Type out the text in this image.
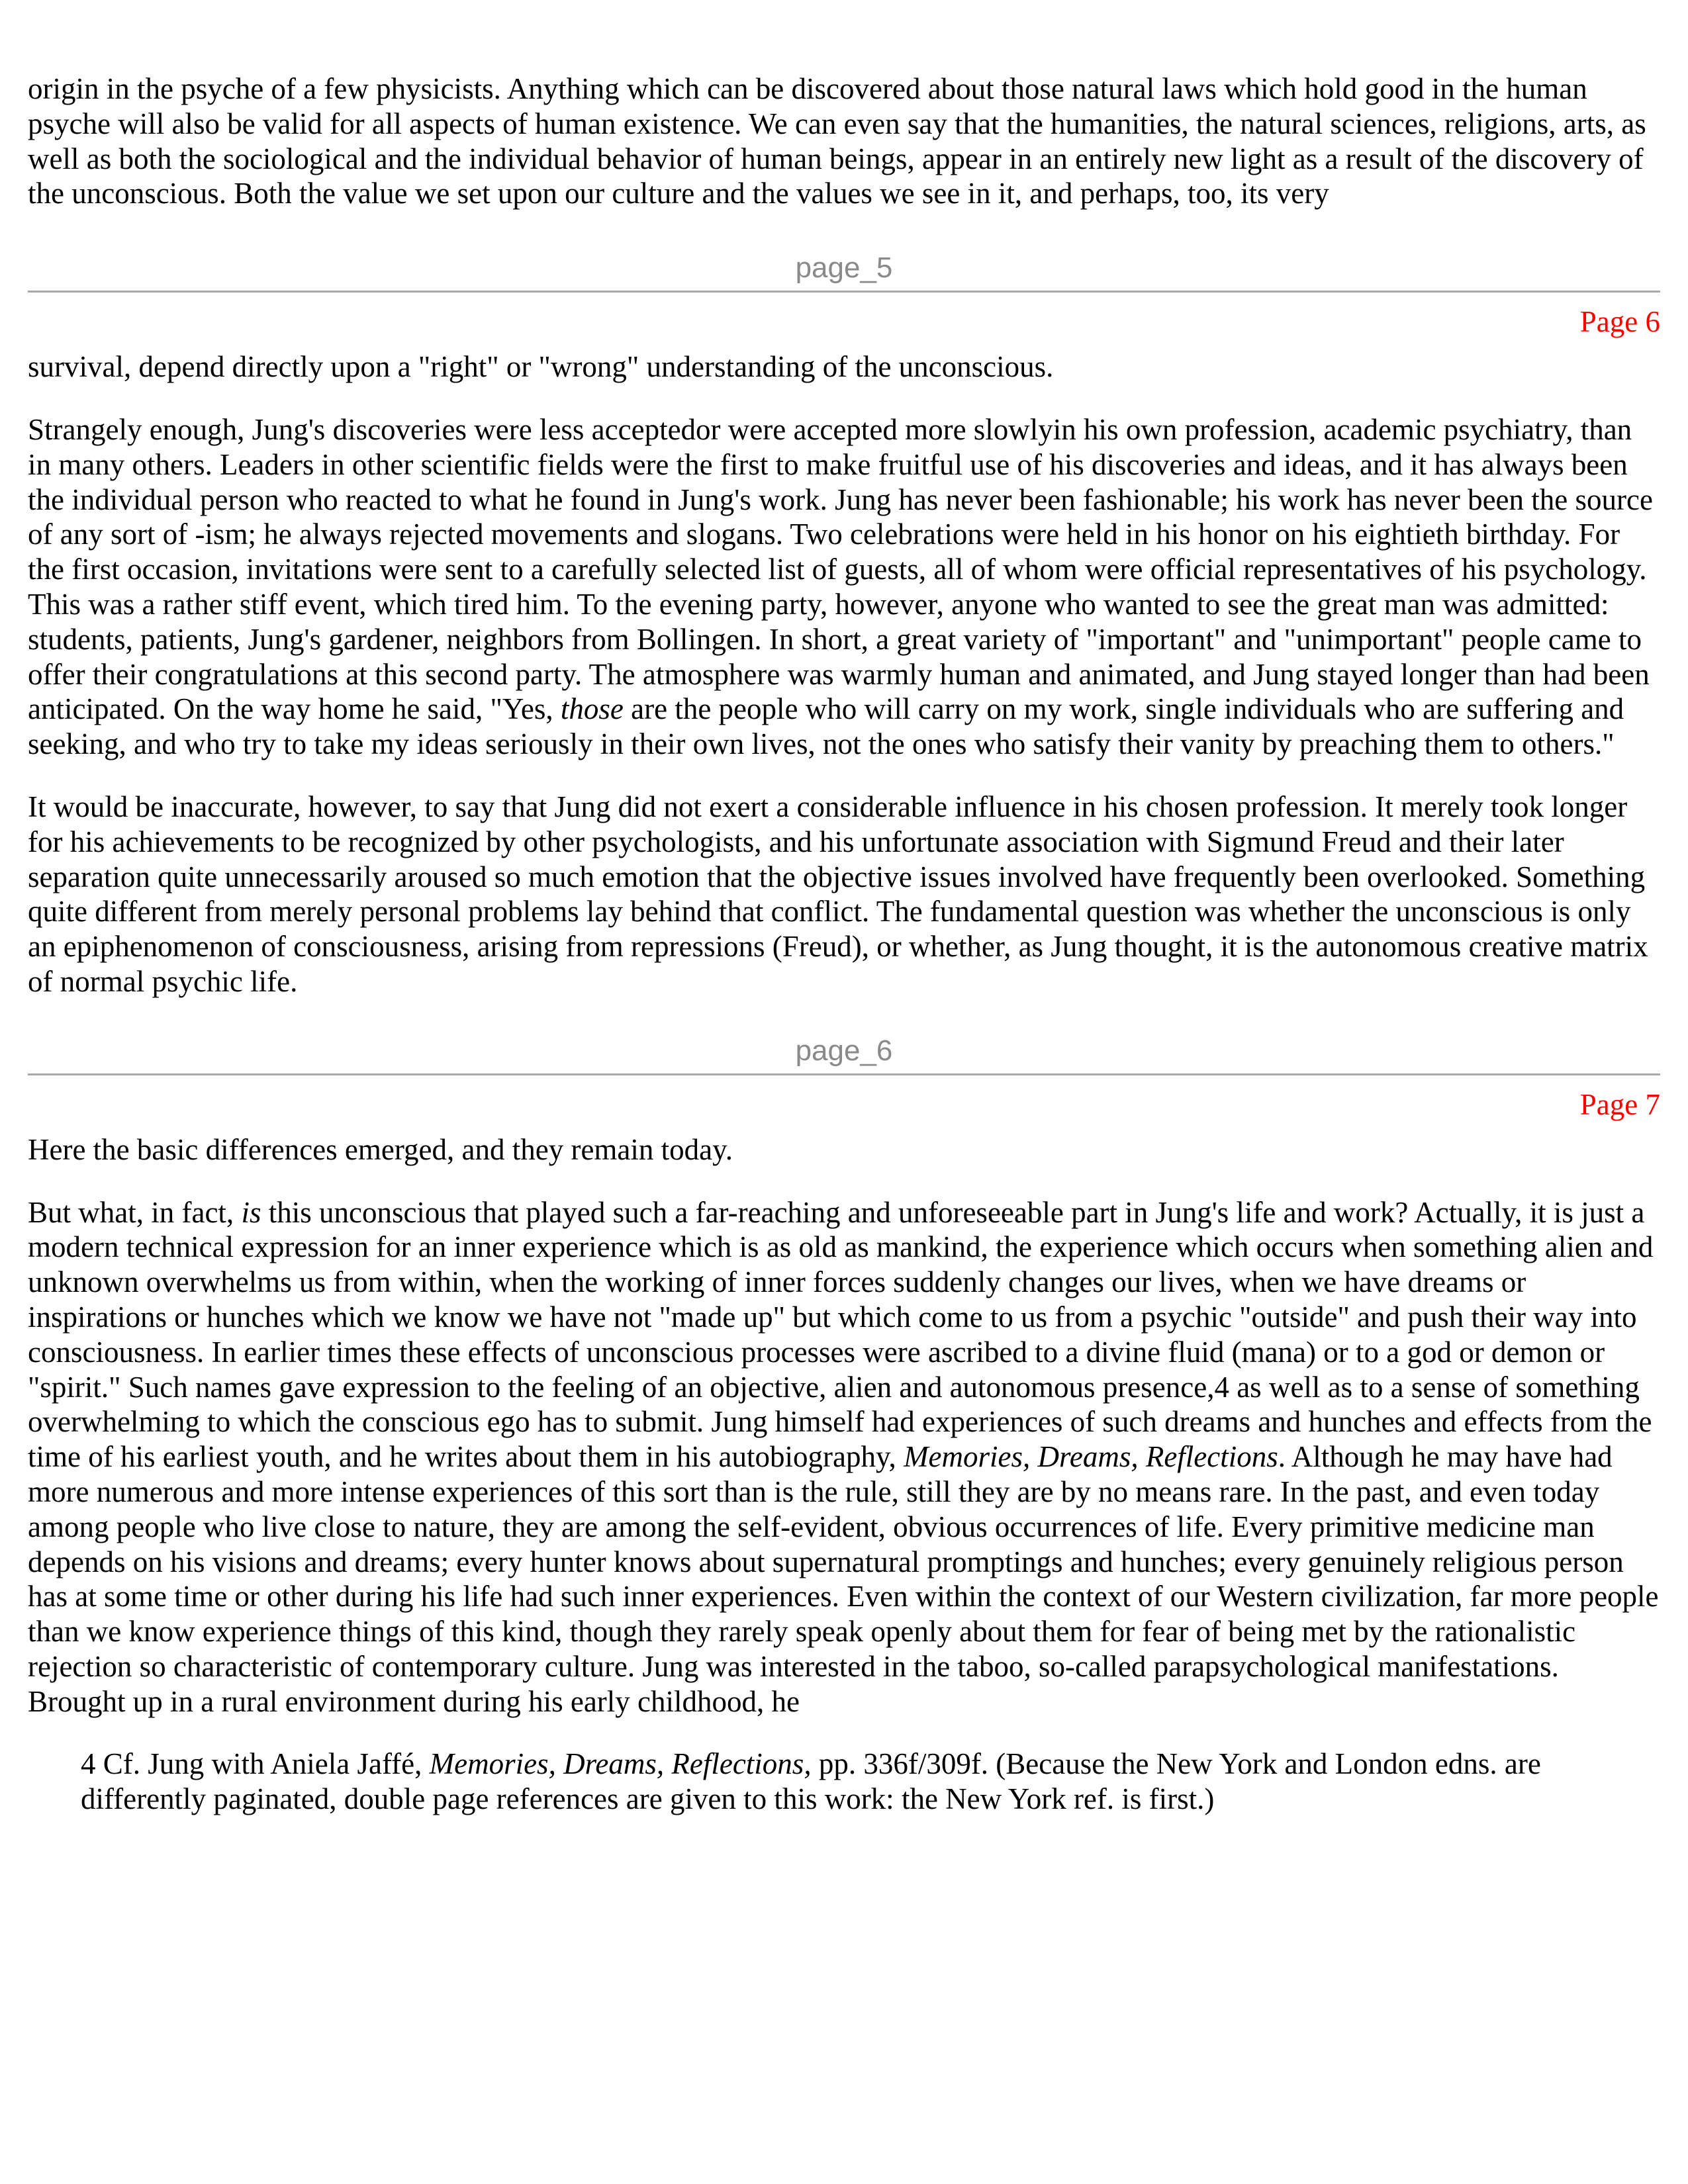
origin in the psyche of a few physicists. Anything which can be discovered about those natural laws which hold good in the human psyche will also be valid for all aspects of human existence. We can even say that the humanities, the natural sciences, religions, arts, as well as both the sociological and the individual behavior of human beings, appear in an entirely new light as a result of the discovery of the unconscious. Both the value we set upon our culture and the values we see in it, and perhaps, too, its very

page_5
Page 6

survival, depend directly upon a "right" or "wrong" understanding of the unconscious.

Strangely enough, Jung's discoveries were less acceptedor were accepted more slowlyin his own profession, academic psychiatry, than in many others. Leaders in other scientific fields were the first to make fruitful use of his discoveries and ideas, and it has always been the individual person who reacted to what he found in Jung's work. Jung has never been fashionable; his work has never been the source of any sort of -ism; he always rejected movements and slogans. Two celebrations were held in his honor on his eightieth birthday. For the first occasion, invitations were sent to a carefully selected list of guests, all of whom were official representatives of his psychology. This was a rather stiff event, which tired him. To the evening party, however, anyone who wanted to see the great man was admitted: students, patients, Jung's gardener, neighbors from Bollingen. In short, a great variety of "important" and "unimportant" people came to offer their congratulations at this second party. The atmosphere was warmly human and animated, and Jung stayed longer than had been anticipated. On the way home he said, "Yes, those are the people who will carry on my work, single individuals who are suffering and seeking, and who try to take my ideas seriously in their own lives, not the ones who satisfy their vanity by preaching them to others."

It would be inaccurate, however, to say that Jung did not exert a considerable influence in his chosen profession. It merely took longer for his achievements to be recognized by other psychologists, and his unfortunate association with Sigmund Freud and their later separation quite unnecessarily aroused so much emotion that the objective issues involved have frequently been overlooked. Something quite different from merely personal problems lay behind that conflict. The fundamental question was whether the unconscious is only an epiphenomenon of consciousness, arising from repressions (Freud), or whether, as Jung thought, it is the autonomous creative matrix of normal psychic life.

page_6
Page 7

Here the basic differences emerged, and they remain today.

But what, in fact, is this unconscious that played such a far-reaching and unforeseeable part in Jung's life and work? Actually, it is just a modern technical expression for an inner experience which is as old as mankind, the experience which occurs when something alien and unknown overwhelms us from within, when the working of inner forces suddenly changes our lives, when we have dreams or inspirations or hunches which we know we have not "made up" but which come to us from a psychic "outside" and push their way into consciousness. In earlier times these effects of unconscious processes were ascribed to a divine fluid (mana) or to a god or demon or "spirit." Such names gave expression to the feeling of an objective, alien and autonomous presence,4 as well as to a sense of something overwhelming to which the conscious ego has to submit. Jung himself had experiences of such dreams and hunches and effects from the time of his earliest youth, and he writes about them in his autobiography, Memories, Dreams, Reflections. Although he may have had more numerous and more intense experiences of this sort than is the rule, still they are by no means rare. In the past, and even today among people who live close to nature, they are among the self-evident, obvious occurrences of life. Every primitive medicine man depends on his visions and dreams; every hunter knows about supernatural promptings and hunches; every genuinely religious person has at some time or other during his life had such inner experiences. Even within the context of our Western civilization, far more people than we know experience things of this kind, though they rarely speak openly about them for fear of being met by the rationalistic rejection so characteristic of contemporary culture. Jung was interested in the taboo, so-called parapsychological manifestations. Brought up in a rural environment during his early childhood, he

4 Cf. Jung with Aniela Jaffé, Memories, Dreams, Reflections, pp. 336f/309f. (Because the New York and London edns. are differently paginated, double page references are given to this work: the New York ref. is first.)
